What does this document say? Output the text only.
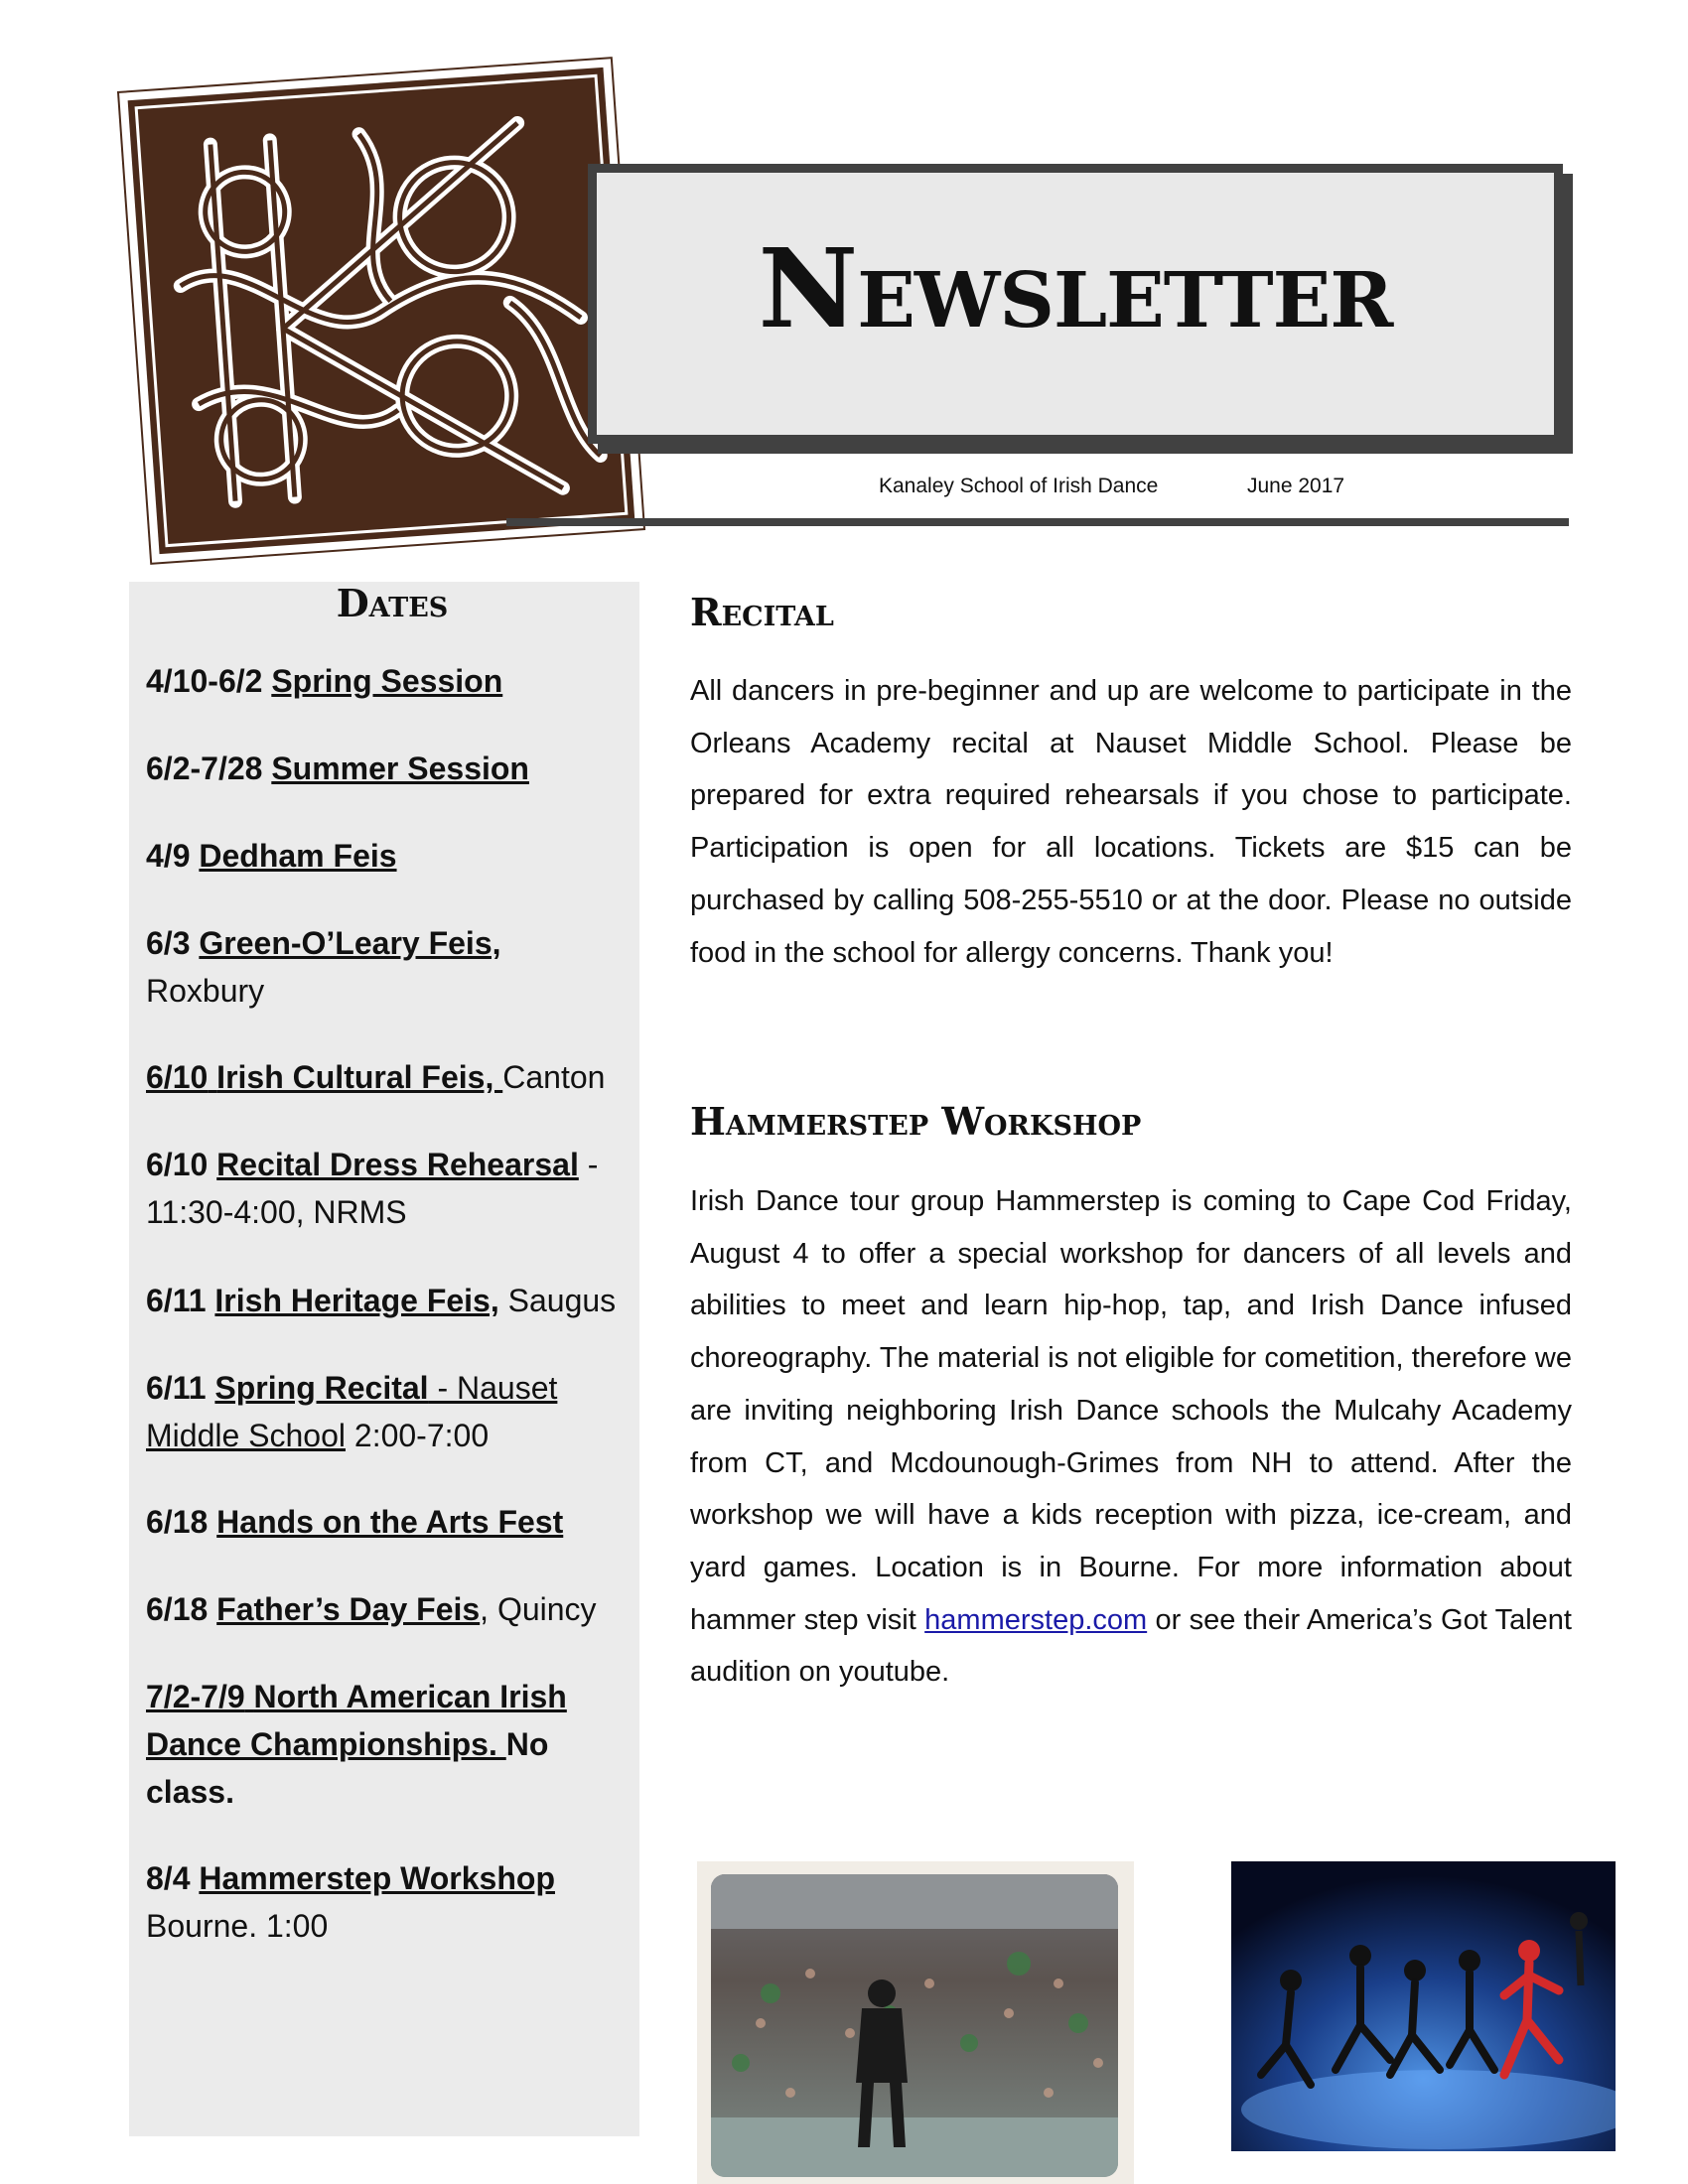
Newsletter
Kanaley School of Irish Dance	June 2017
Dates
4/10-6/2 Spring Session
6/2-7/28 Summer Session
4/9 Dedham Feis
6/3 Green-O’Leary Feis,
Roxbury
6/10 Irish Cultural Feis, Canton
6/10 Recital Dress Rehearsal -
11:30-4:00, NRMS
6/11 Irish Heritage Feis, Saugus
6/11 Spring Recital - Nauset
Middle School 2:00-7:00
6/18 Hands on the Arts Fest
6/18 Father’s Day Feis, Quincy
7/2-7/9 North American Irish
Dance Championships. No
class.
8/4 Hammerstep Workshop
Bourne. 1:00
Recital
All dancers in pre-beginner and up are welcome to participate in the Orleans Academy recital at Nauset Middle School. Please be prepared for extra required rehearsals if you chose to participate. Participation is open for all locations. Tickets are $15 can be purchased by calling 508-255-5510 or at the door. Please no outside food in the school for allergy concerns. Thank you!
Hammerstep Workshop
Irish Dance tour group Hammerstep is coming to Cape Cod Friday, August 4 to offer a special workshop for dancers of all levels and abilities to meet and learn hip-hop, tap, and Irish Dance infused choreography. The material is not eligible for cometition, therefore we are inviting neighboring Irish Dance schools the Mulcahy Academy from CT, and Mcdounough-Grimes from NH to attend. After the workshop we will have a kids reception with pizza, ice-cream, and yard games. Location is in Bourne. For more information about hammer step visit hammerstep.com or see their America’s Got Talent audition on youtube.
